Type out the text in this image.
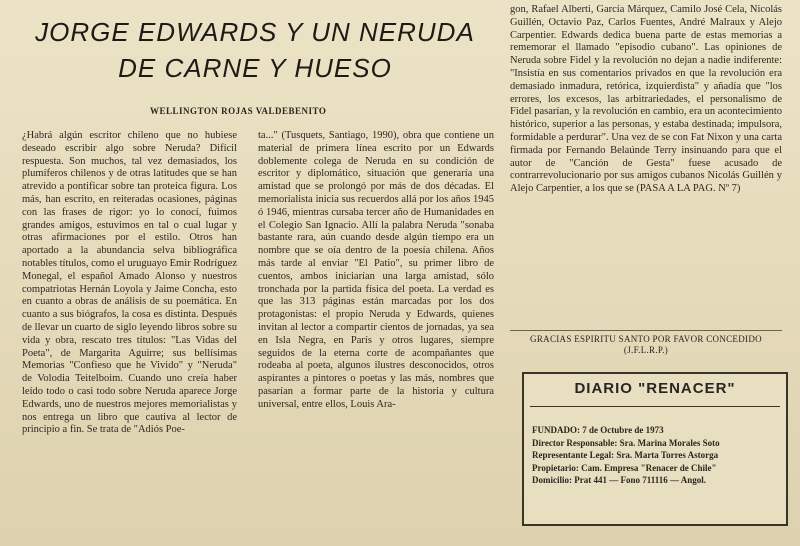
JORGE EDWARDS Y UN NERUDA
DE CARNE Y HUESO
WELLINGTON ROJAS VALDEBENITO

¿Habrá algún escritor chileno que no hubiese deseado escribir algo sobre Neruda? Difícil respuesta. Son muchos, tal vez demasiados, los plumíferos chilenos y de otras latitudes que se han atrevido a pontificar sobre tan proteica figura. Los más, han escrito, en reiteradas ocasiones, páginas con las frases de rigor: yo lo conocí, fuimos grandes amigos, estuvimos en tal o cual lugar y otras afirmaciones por el estilo. Otros han aportado a la abundancia selva bibliográfica notables títulos, como el uruguayo Emir Rodríguez Monegal, el español Amado Alonso y nuestros compatriotas Hernán Loyola y Jaime Concha, esto en cuanto a obras de análisis de su poemática. En cuanto a sus biógrafos, la cosa es distinta. Después de llevar un cuarto de siglo leyendo libros sobre su vida y obra, rescato tres títulos: "Las Vidas del Poeta", de Margarita Aguirre; sus bellísimas Memorias "Confieso que he Vivido" y "Neruda" de Volodia Teitelboim. Cuando uno creía haber leído todo o casi todo sobre Neruda aparece Jorge Edwards, uno de nuestros mejores memorialistas y nos entrega un libro que cautiva al lector de principio a fin. Se trata de "Adiós Poe-

ta..." (Tusquets, Santiago, 1990), obra que contiene un material de primera línea escrito por un Edwards doblemente colega de Neruda en su condición de escritor y diplomático, situación que generaría una amistad que se prolongó por más de dos décadas. El memorialista inicia sus recuerdos allá por los años 1945 ó 1946, mientras cursaba tercer año de Humanidades en el Colegio San Ignacio. Allí la palabra Neruda "sonaba bastante rara, aún cuando desde algún tiempo era un nombre que se oía dentro de la poesía chilena. Años más tarde al enviar "El Patio", su primer libro de cuentos, ambos iniciarían una larga amistad, sólo tronchada por la partida física del poeta. La verdad es que las 313 páginas están marcadas por los dos protagonistas: el propio Neruda y Edwards, quienes invitan al lector a compartir cientos de jornadas, ya sea en Isla Negra, en París y otros lugares, siempre seguidos de la eterna corte de acompañantes que rodeaba al poeta, algunos ilustres desconocidos, otros aspirantes a pintores o poetas y las más, nombres que pasarían a formar parte de la historia y cultura universal, entre ellos, Louis Ara-

gon, Rafael Alberti, García Márquez, Camilo José Cela, Nicolás Guillén, Octavio Paz, Carlos Fuentes, André Malraux y Alejo Carpentier. Edwards dedica buena parte de estas memorias a rememorar el llamado "episodio cubano". Las opiniones de Neruda sobre Fidel y la revolución no dejan a nadie indiferente: "Insistía en sus comentarios privados en que la revolución era demasiado inmadura, retórica, izquierdista" y añadía que "los errores, los excesos, las arbitrariedades, el personalismo de Fidel pasarían, y la revolución en cambio, era un acontecimiento histórico, superior a las personas, y estaba destinada; impulsora, formidable a perdurar". Una vez de se con Fat Nixon y una carta firmada por Fernando Belaúnde Terry insinuando para que el autor de "Canción de Gesta" fuese acusado de contrarrevolucionario por sus amigos cubanos Nicolás Guillén y Alejo Carpentier, a los que se (PASA A LA PAG. Nº 7)

GRACIAS ESPIRITU SANTO POR FAVOR CONCEDIDO (J.F.L.R.P.)
DIARIO "RENACER"
FUNDADO: 7 de Octubre de 1973
Director Responsable: Sra. Marina Morales Soto
Representante Legal: Sra. Marta Torres Astorga
Propietario: Cam. Empresa "Renacer de Chile"
Domicilio: Prat 441 — Fono 711116 — Angol.
